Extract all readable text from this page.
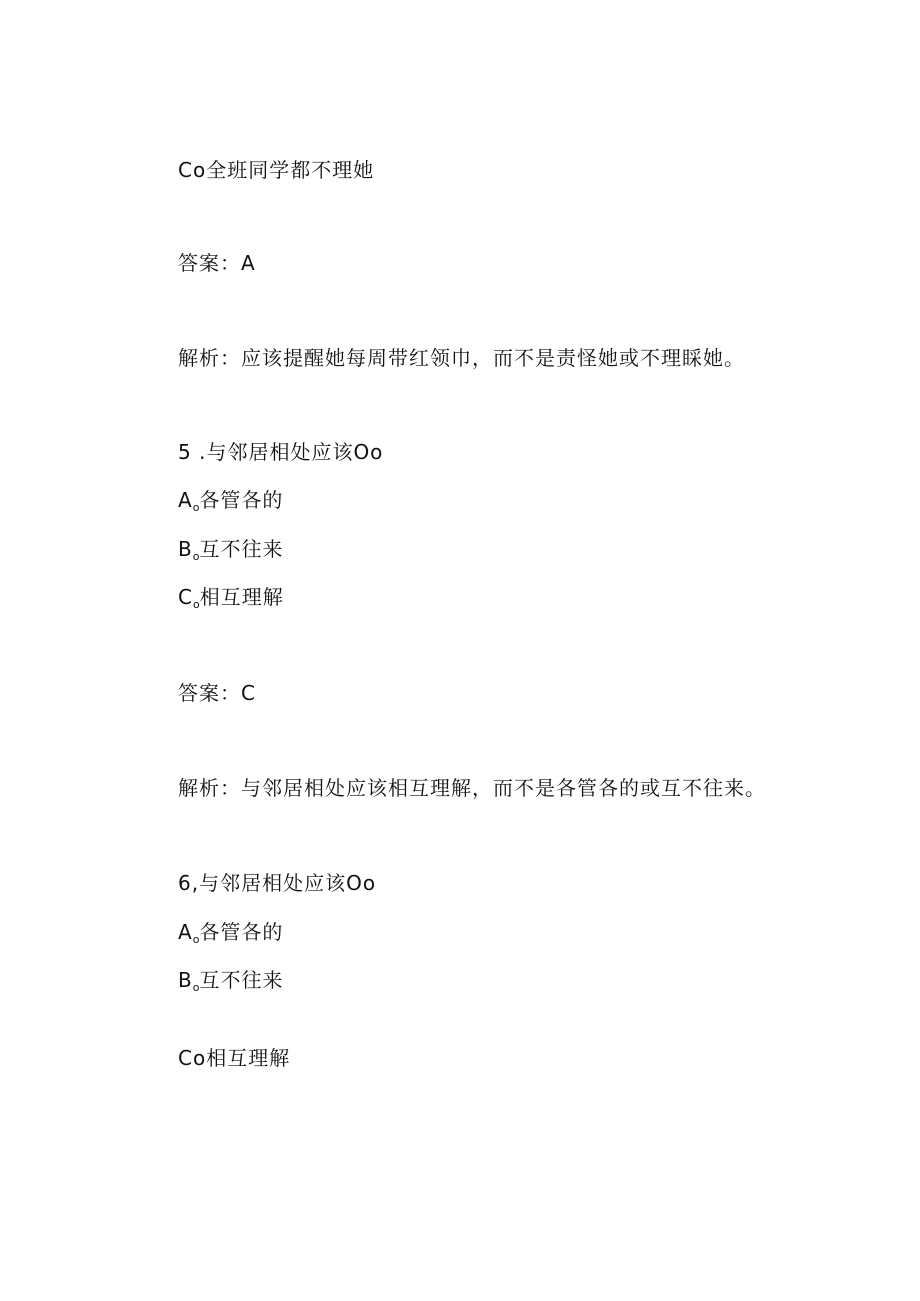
Co全班同学都不理她
答案：A
解析：应该提醒她每周带红领巾，而不是责怪她或不理睬她。
5 .与邻居相处应该Oo
$A_o$各管各的
$B_o$互不往来
$C_o$相互理解
答案：C
解析：与邻居相处应该相互理解，而不是各管各的或互不往来。
6,与邻居相处应该Oo
$A_o$各管各的
$B_o$互不往来
Co相互理解
